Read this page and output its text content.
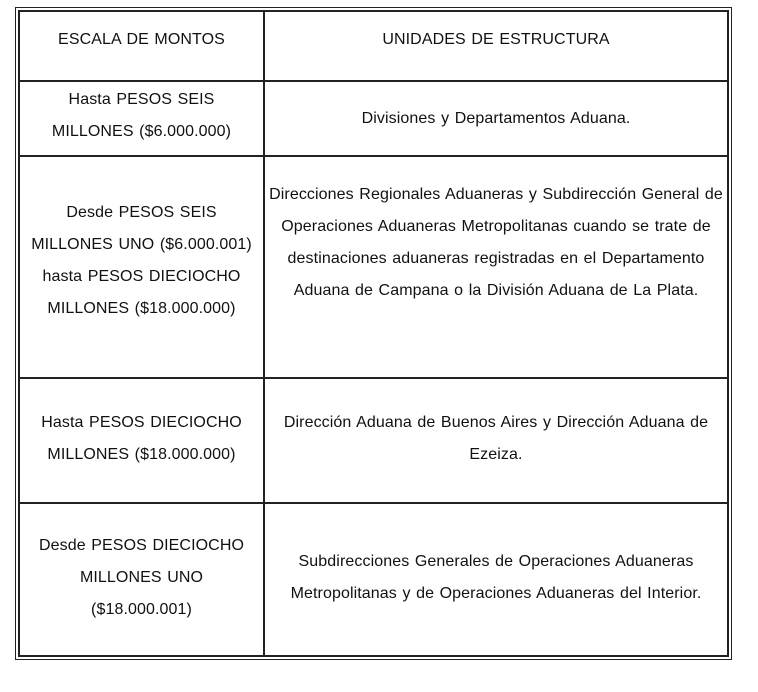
ESCALA DE MONTOS	UNIDADES DE ESTRUCTURA

Hasta PESOS SEIS MILLONES ($6.000.000)	Divisiones y Departamentos Aduana.

Desde PESOS SEIS MILLONES UNO ($6.000.001) hasta PESOS DIECIOCHO MILLONES ($18.000.000)	Direcciones Regionales Aduaneras y Subdirección General de Operaciones Aduaneras Metropolitanas cuando se trate de destinaciones aduaneras registradas en el Departamento Aduana de Campana o la División Aduana de La Plata.

Hasta PESOS DIECIOCHO MILLONES ($18.000.000)	Dirección Aduana de Buenos Aires y Dirección Aduana de Ezeiza.

Desde PESOS DIECIOCHO MILLONES UNO ($18.000.001)	Subdirecciones Generales de Operaciones Aduaneras Metropolitanas y de Operaciones Aduaneras del Interior.
